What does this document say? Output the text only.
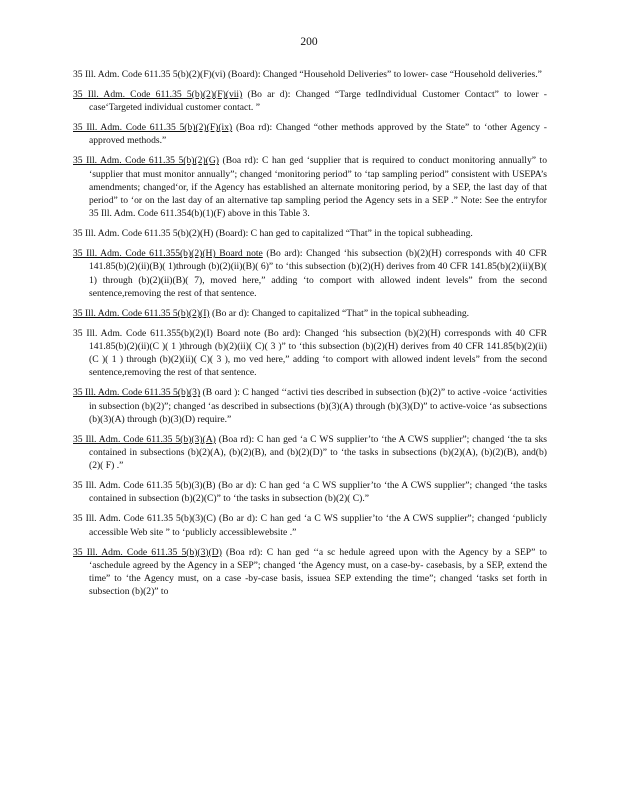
200

35 Ill. Adm. Code 611.35 5(b)(2)(F)(vi) (Board): Changed “Household Deliveries” to lower- case “Household deliveries.”

35 Ill. Adm. Code 611.35 5(b)(2)(F)(vii) (Bo ar d): Changed “Targe tedIndividual Customer Contact” to lower -case‘Targeted individual customer contact. ”

35 Ill. Adm. Code 611.35 5(b)(2)(F)(ix) (Boa rd): Changed “other methods approved by the State” to ‘other Agency -approved methods.”

35 Ill. Adm. Code 611.35 5(b)(2)(G) (Boa rd): C han ged ‘supplier that is required to conduct monitoring annually” to ‘supplier that must monitor annually”; changed ‘monitoring period” to ‘tap sampling period” consistent with USEPA’s amendments; changed‘or, if the Agency has established an alternate monitoring period, by a SEP, the last day of that period” to ‘or on the last day of an alternative tap sampling period the Agency sets in a SEP .” Note: See the entryfor 35 Ill. Adm. Code 611.354(b)(1)(F) above in this Table 3.

35 Ill. Adm. Code 611.35 5(b)(2)(H) (Board): C han ged to capitalized “That” in the topical subheading.

35 Ill. Adm. Code 611.355(b)(2)(H) Board note (Bo ard): Changed ‘his subsection (b)(2)(H) corresponds with 40 CFR 141.85(b)(2)(ii)(B)( 1)through (b)(2)(ii)(B)( 6)” to ‘this subsection (b)(2)(H) derives from 40 CFR 141.85(b)(2)(ii)(B)( 1) through (b)(2)(ii)(B)( 7), moved here,” adding ‘to comport with allowed indent levels” from the second sentence,removing the rest of that sentence.

35 Ill. Adm. Code 611.35 5(b)(2)(I) (Bo ar d): Changed to capitalized “That” in the topical subheading.

35 Ill. Adm. Code 611.355(b)(2)(I) Board note (Bo ard): Changed ‘his subsection (b)(2)(H) corresponds with 40 CFR 141.85(b)(2)(ii)(C )( 1 )through (b)(2)(ii)( C)( 3 )” to ‘this subsection (b)(2)(H) derives from 40 CFR 141.85(b)(2)(ii)(C )( 1 ) through (b)(2)(ii)( C)( 3 ), mo ved here,” adding ‘to comport with allowed indent levels” from the second sentence,removing the rest of that sentence.

35 Ill. Adm. Code 611.35 5(b)(3) (B oard ): C hanged ‘‘activi ties described in subsection (b)(2)” to active -voice ‘activities in subsection (b)(2)”; changed ‘as described in subsections (b)(3)(A) through (b)(3)(D)” to active-voice ‘as subsections (b)(3)(A) through (b)(3)(D) require.”

35 Ill. Adm. Code 611.35 5(b)(3)(A) (Boa rd): C han ged ‘a C WS supplier’to ‘the A CWS supplier”; changed ‘the ta sks contained in subsections (b)(2)(A), (b)(2)(B), and (b)(2)(D)” to ‘the tasks in subsections (b)(2)(A), (b)(2)(B), and(b) (2)( F) .”

35 Ill. Adm. Code 611.35 5(b)(3)(B) (Bo ar d): C han ged ‘a C WS supplier’to ‘the A CWS supplier”; changed ‘the tasks contained in subsection (b)(2)(C)” to ‘the tasks in subsection (b)(2)( C).”

35 Ill. Adm. Code 611.35 5(b)(3)(C) (Bo ar d): C han ged ‘a C WS supplier’to ‘the A CWS supplier”; changed ‘publicly accessible Web site ” to ‘publicly accessiblewebsite .”

35 Ill. Adm. Code 611.35 5(b)(3)(D) (Boa rd): C han ged ‘‘a sc hedule agreed upon with the Agency by a SEP” to ‘aschedule agreed by the Agency in a SEP”; changed ‘the Agency must, on a case-by- casebasis, by a SEP, extend the time” to ‘the Agency must, on a case -by-case basis, issuea SEP extending the time”; changed ‘tasks set forth in subsection (b)(2)” to
